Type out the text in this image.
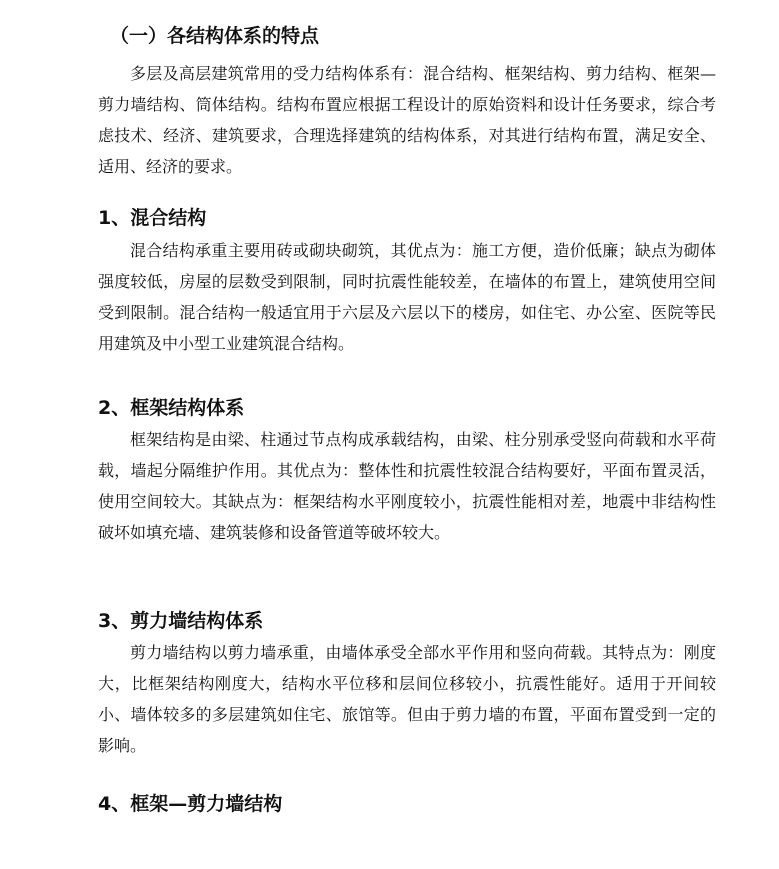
（一）各结构体系的特点

多层及高层建筑常用的受力结构体系有：混合结构、框架结构、剪力结构、框架—剪力墙结构、筒体结构。结构布置应根据工程设计的原始资料和设计任务要求，综合考虑技术、经济、建筑要求，合理选择建筑的结构体系，对其进行结构布置，满足安全、适用、经济的要求。

1、混合结构

混合结构承重主要用砖或砌块砌筑，其优点为：施工方便，造价低廉；缺点为砌体强度较低，房屋的层数受到限制，同时抗震性能较差，在墙体的布置上，建筑使用空间受到限制。混合结构一般适宜用于六层及六层以下的楼房，如住宅、办公室、医院等民用建筑及中小型工业建筑混合结构。

2、框架结构体系

框架结构是由梁、柱通过节点构成承载结构，由梁、柱分别承受竖向荷载和水平荷载，墙起分隔维护作用。其优点为：整体性和抗震性较混合结构要好，平面布置灵活，使用空间较大。其缺点为：框架结构水平刚度较小，抗震性能相对差，地震中非结构性破坏如填充墙、建筑装修和设备管道等破坏较大。

3、剪力墙结构体系

剪力墙结构以剪力墙承重，由墙体承受全部水平作用和竖向荷载。其特点为：刚度大，比框架结构刚度大，结构水平位移和层间位移较小，抗震性能好。适用于开间较小、墙体较多的多层建筑如住宅、旅馆等。但由于剪力墙的布置，平面布置受到一定的影响。

4、框架—剪力墙结构
